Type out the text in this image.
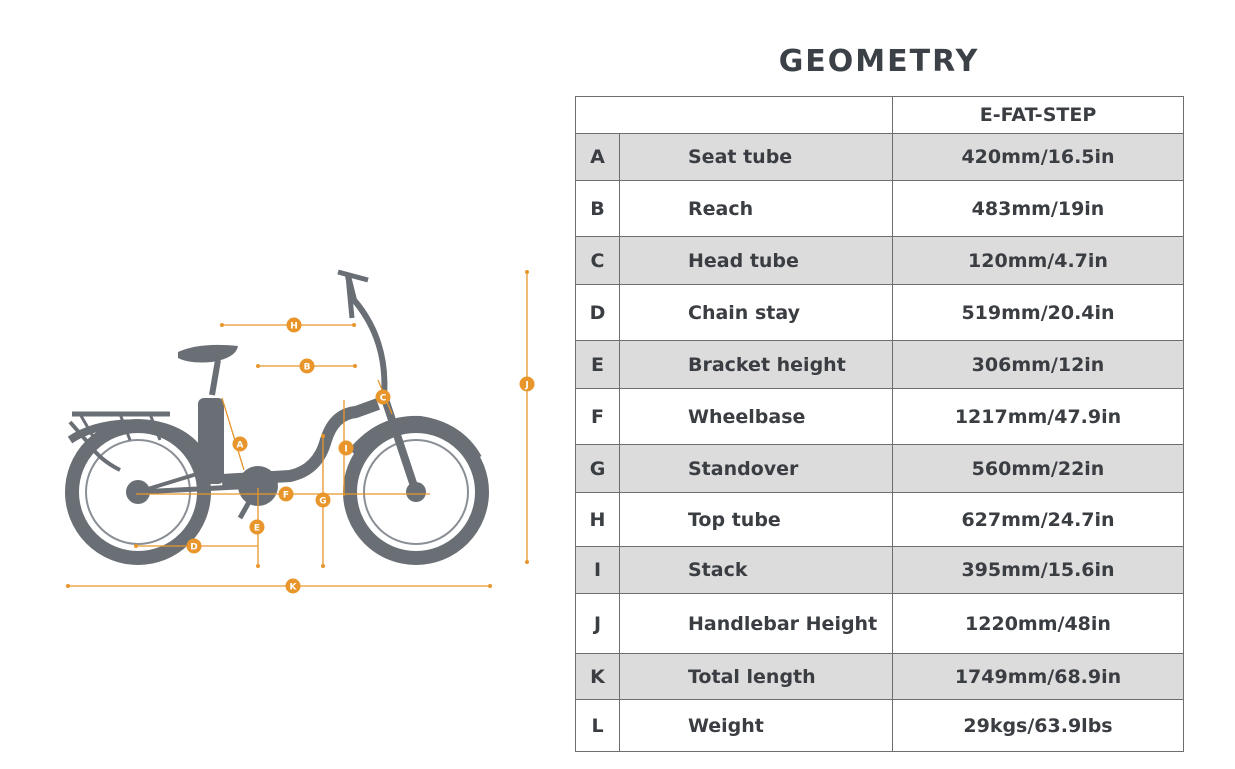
H
B
C
A	I
F
G
E
D
J
K
GEOMETRY
		E-FAT-STEP
A	Seat tube	420mm/16.5in
B	Reach	483mm/19in
C	Head tube	120mm/4.7in
D	Chain stay	519mm/20.4in
E	Bracket height	306mm/12in
F	Wheelbase	1217mm/47.9in
G	Standover	560mm/22in
H	Top tube	627mm/24.7in
I	Stack	395mm/15.6in
J	Handlebar Height	1220mm/48in
K	Total length	1749mm/68.9in
L	Weight	29kgs/63.9lbs
